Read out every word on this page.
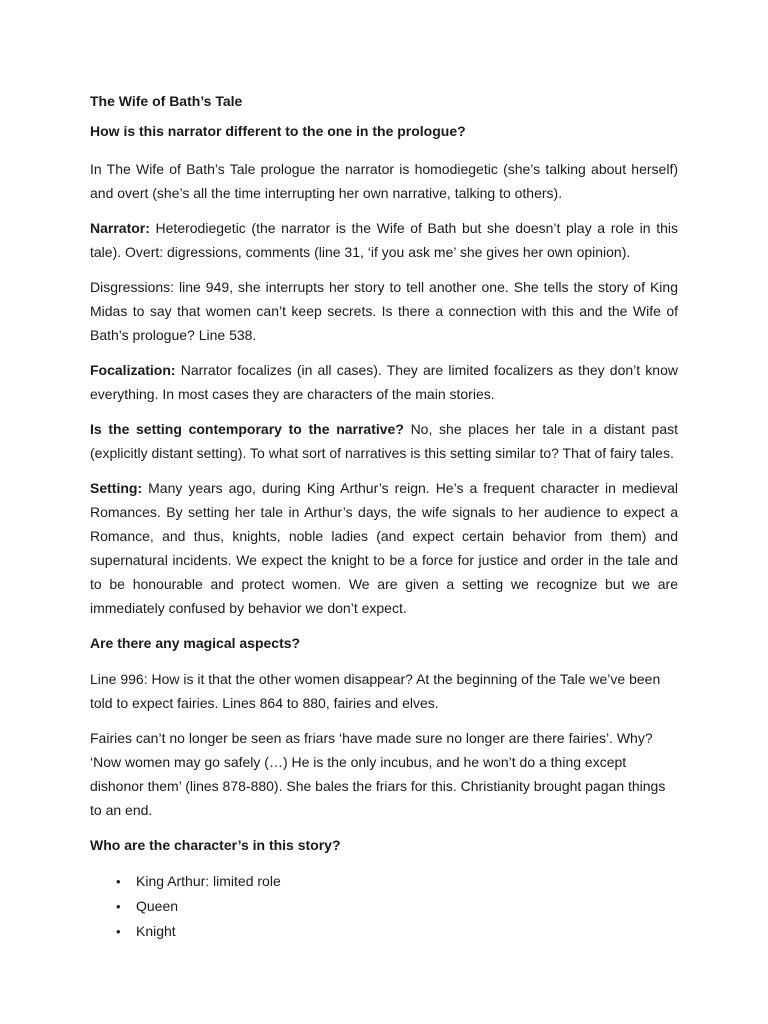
The Wife of Bath’s Tale
How is this narrator different to the one in the prologue?

In The Wife of Bath’s Tale prologue the narrator is homodiegetic (she’s talking about herself) and overt (she’s all the time interrupting her own narrative, talking to others).

Narrator: Heterodiegetic (the narrator is the Wife of Bath but she doesn’t play a role in this tale). Overt: digressions, comments (line 31, ‘if you ask me’ she gives her own opinion).

Disgressions: line 949, she interrupts her story to tell another one. She tells the story of King Midas to say that women can’t keep secrets. Is there a connection with this and the Wife of Bath’s prologue? Line 538.

Focalization: Narrator focalizes (in all cases). They are limited focalizers as they don’t know everything. In most cases they are characters of the main stories.

Is the setting contemporary to the narrative? No, she places her tale in a distant past (explicitly distant setting). To what sort of narratives is this setting similar to? That of fairy tales.

Setting: Many years ago, during King Arthur’s reign. He’s a frequent character in medieval Romances. By setting her tale in Arthur’s days, the wife signals to her audience to expect a Romance, and thus, knights, noble ladies (and expect certain behavior from them) and supernatural incidents. We expect the knight to be a force for justice and order in the tale and to be honourable and protect women. We are given a setting we recognize but we are immediately confused by behavior we don’t expect.

Are there any magical aspects?

Line 996: How is it that the other women disappear? At the beginning of the Tale we’ve been told to expect fairies. Lines 864 to 880, fairies and elves.

Fairies can’t no longer be seen as friars ‘have made sure no longer are there fairies’. Why? ‘Now women may go safely (…) He is the only incubus, and he won’t do a thing except dishonor them’ (lines 878-880). She bales the friars for this. Christianity brought pagan things to an end.

Who are the character’s in this story?
• King Arthur: limited role
• Queen
• Knight
